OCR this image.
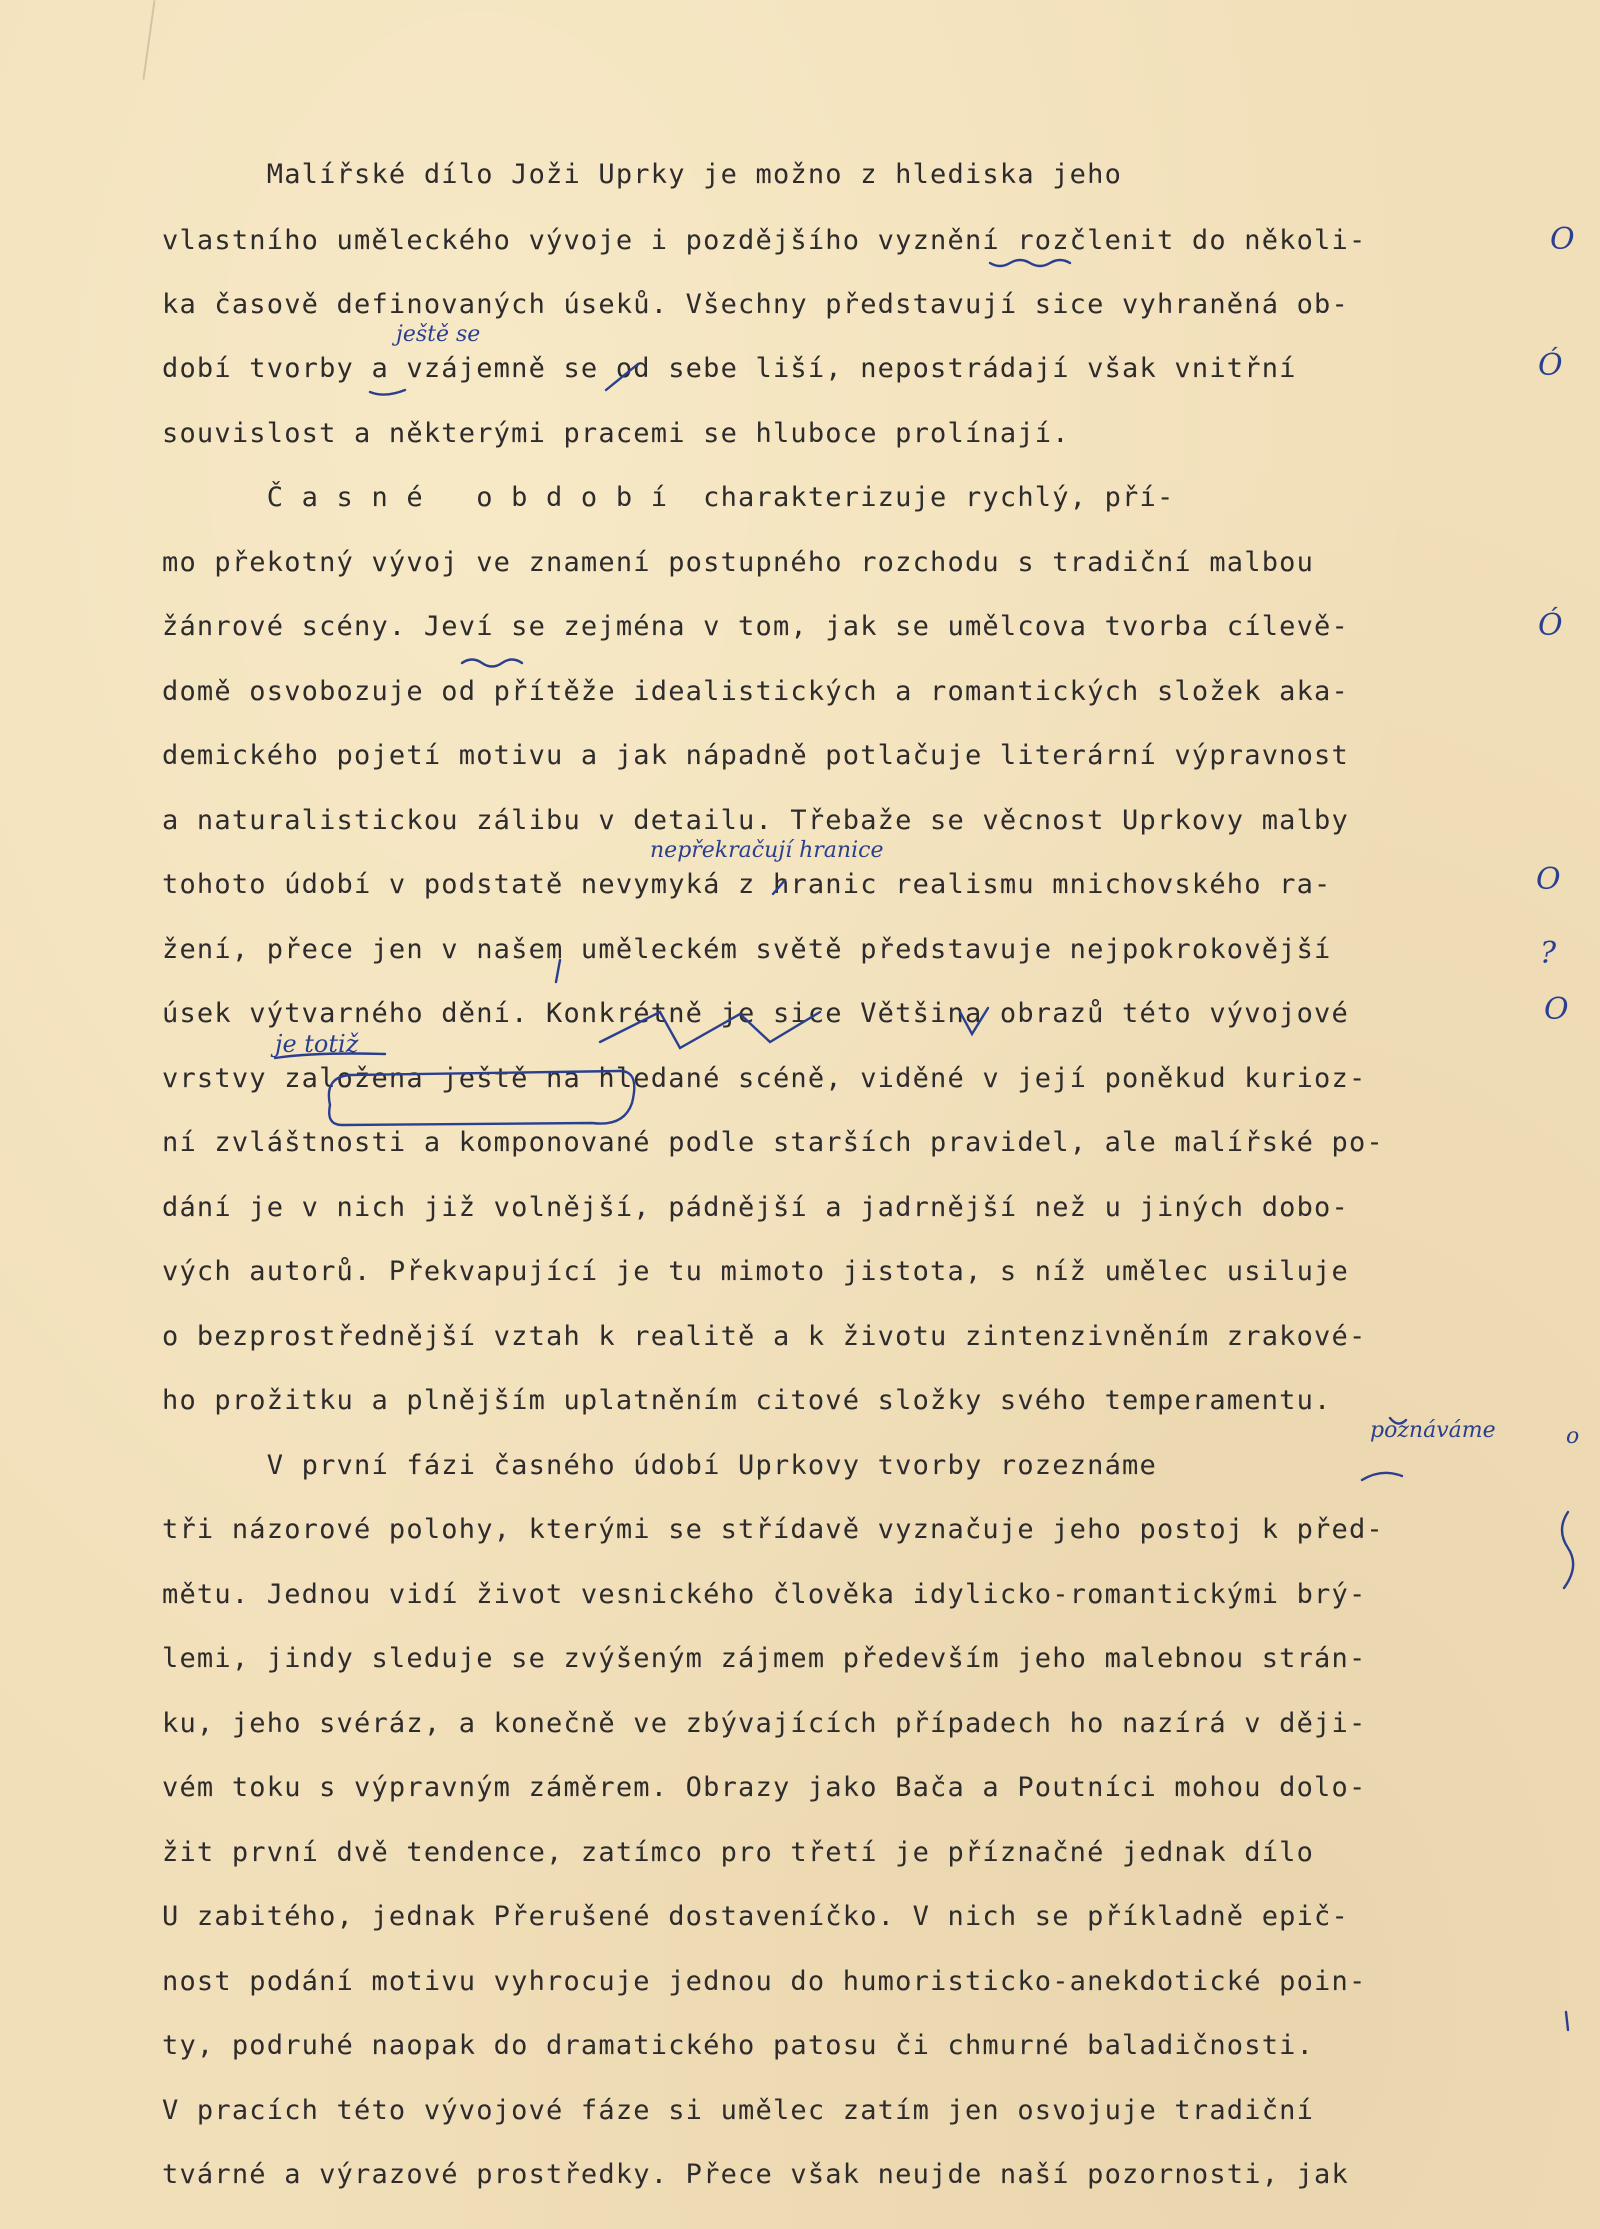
Malířské dílo Joži Uprky je možno z hlediska jeho
vlastního uměleckého vývoje i pozdějšího vyznění rozčlenit do několi-
ka časově definovaných úseků. Všechny představují sice vyhraněná ob-
dobí tvorby a vzájemně se od sebe liší, nepostrádají však vnitřní
souvislost a některými pracemi se hluboce prolínají.
Č a s n é   o b d o b í  charakterizuje rychlý, pří-
mo překotný vývoj ve znamení postupného rozchodu s tradiční malbou
žánrové scény. Jeví se zejména v tom, jak se umělcova tvorba cílevě-
domě osvobozuje od přítěže idealistických a romantických složek aka-
demického pojetí motivu a jak nápadně potlačuje literární výpravnost
a naturalistickou zálibu v detailu. Třebaže se věcnost Uprkovy malby
tohoto údobí v podstatě nevymyká z hranic realismu mnichovského ra-
žení, přece jen v našem uměleckém světě představuje nejpokrokovější
úsek výtvarného dění. Konkrétně je sice Většina obrazů této vývojové
vrstvy založena ještě na hledané scéně, viděné v její poněkud kurioz-
ní zvláštnosti a komponované podle starších pravidel, ale malířské po-
dání je v nich již volnější, pádnější a jadrnější než u jiných dobo-
vých autorů. Překvapující je tu mimoto jistota, s níž umělec usiluje
o bezprostřednější vztah k realitě a k životu zintenzivněním zrakové-
ho prožitku a plnějším uplatněním citové složky svého temperamentu.
V první fázi časného údobí Uprkovy tvorby rozeznáme
tři názorové polohy, kterými se střídavě vyznačuje jeho postoj k před-
mětu. Jednou vidí život vesnického člověka idylicko-romantickými brý-
lemi, jindy sleduje se zvýšeným zájmem především jeho malebnou strán-
ku, jeho svéráz, a konečně ve zbývajících případech ho nazírá v ději-
vém toku s výpravným záměrem. Obrazy jako Bača a Poutníci mohou dolo-
žit první dvě tendence, zatímco pro třetí je příznačné jednak dílo
U zabitého, jednak Přerušené dostaveníčko. V nich se příkladně epič-
nost podání motivu vyhrocuje jednou do humoristicko-anekdotické poin-
ty, podruhé naopak do dramatického patosu či chmurné baladičnosti.
V pracích této vývojové fáze si umělec zatím jen osvojuje tradiční
tvárné a výrazové prostředky. Přece však neujde naší pozornosti, jak
ještě se
nepřekračují hranice
je totiž
poznáváme
O
Ó
Ó
O
?
O
o
